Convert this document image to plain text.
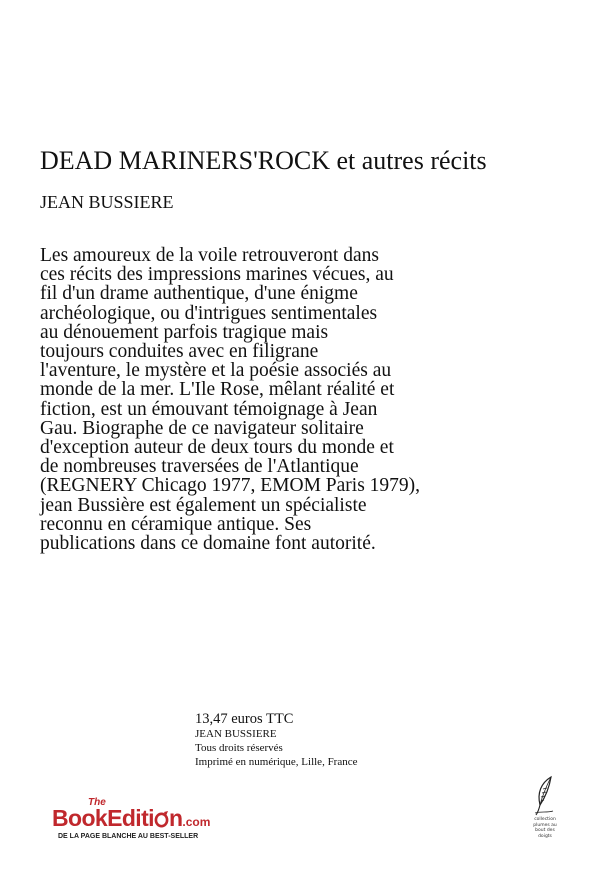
DEAD MARINERS'ROCK et autres récits
JEAN BUSSIERE
Les amoureux de la voile retrouveront dans
ces récits des impressions marines vécues, au
fil d'un drame authentique, d'une énigme
archéologique, ou d'intrigues sentimentales
au dénouement parfois tragique mais
toujours conduites avec en filigrane
l'aventure, le mystère et la poésie associés au
monde de la mer. L'Ile Rose, mêlant réalité et
fiction, est un émouvant témoignage à Jean
Gau. Biographe de ce navigateur solitaire
d'exception auteur de deux tours du monde et
de nombreuses traversées de l'Atlantique
(REGNERY Chicago 1977, EMOM Paris 1979),
jean Bussière est également un spécialiste
reconnu en céramique antique. Ses
publications dans ce domaine font autorité.
13,47 euros TTC
JEAN BUSSIERE
Tous droits réservés
Imprimé en numérique, Lille, France
The
BookEditi n.com
DE LA PAGE BLANCHE AU BEST-SELLER
collection
plumes au
bout des
doigts
